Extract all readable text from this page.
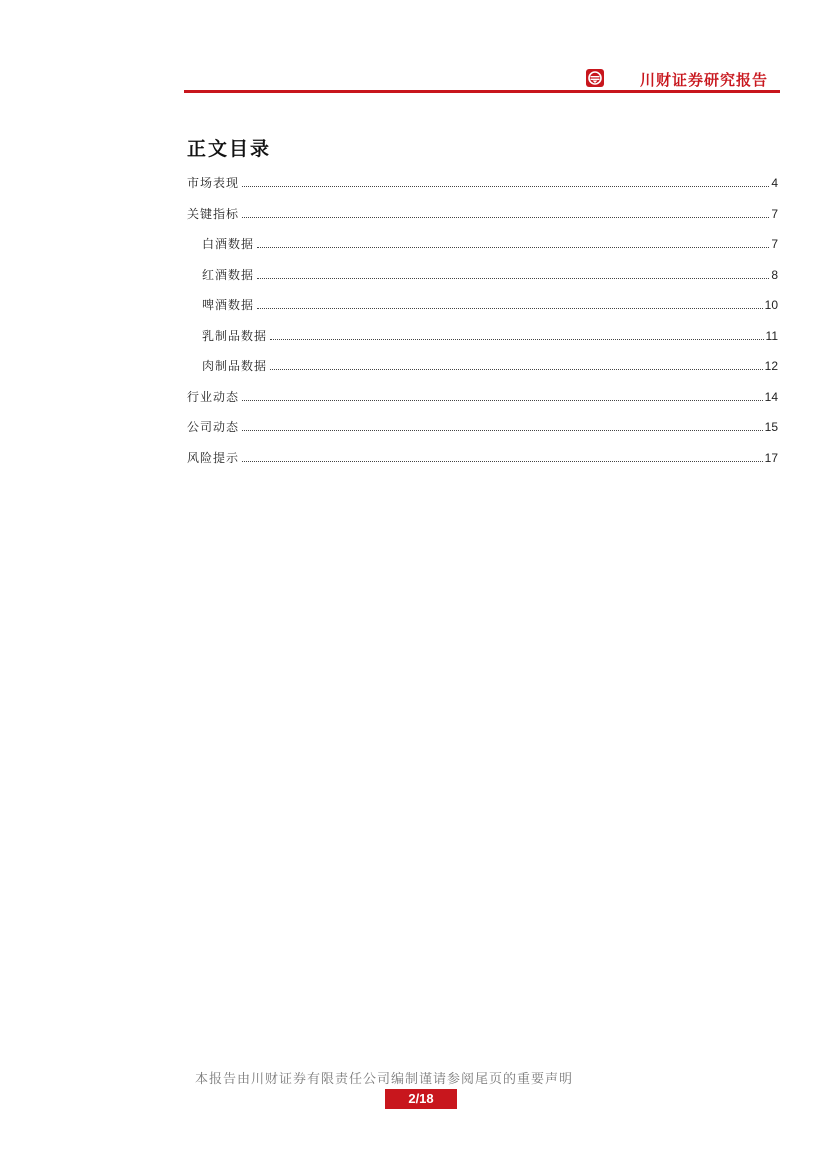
川财证券研究报告
正文目录
市场表现	4
关键指标	7
白酒数据	7
红酒数据	8
啤酒数据	10
乳制品数据	11
肉制品数据	12
行业动态	14
公司动态	15
风险提示	17
本报告由川财证券有限责任公司编制谨请参阅尾页的重要声明
2/18
